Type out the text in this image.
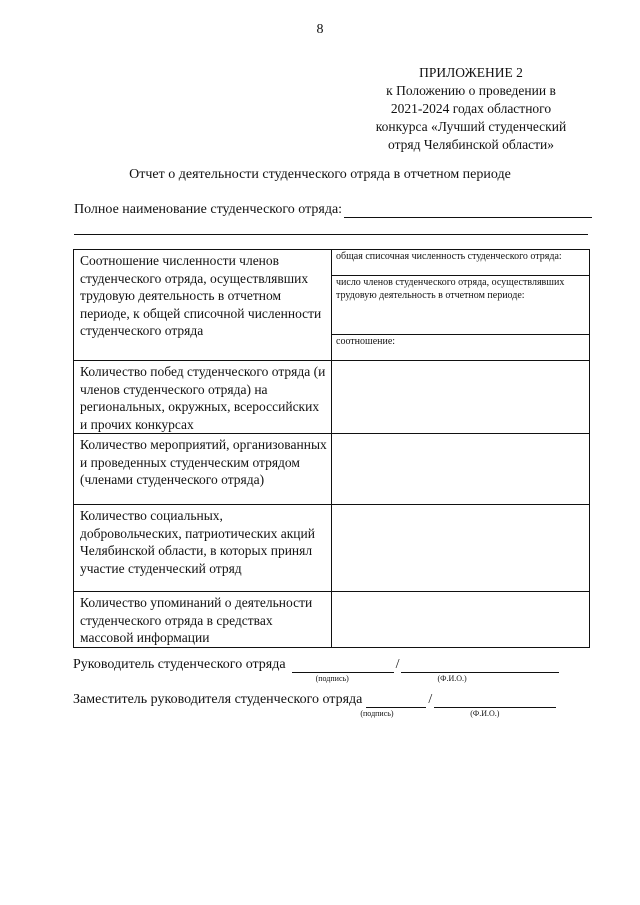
8
ПРИЛОЖЕНИЕ 2
к Положению о проведении в
2021-2024 годах областного
конкурса «Лучший студенческий
отряд Челябинской области»
Отчет о деятельности студенческого отряда в отчетном периоде
Полное наименование студенческого отряда:
Соотношение численности членов студенческого отряда, осуществлявших трудовую деятельность в отчетном периоде, к общей списочной численности студенческого отряда	общая списочная численность студенческого отряда:
число членов студенческого отряда, осуществлявших трудовую деятельность в отчетном периоде:
соотношение:

Количество побед студенческого отряда (и членов студенческого отряда) на региональных, окружных, всероссийских и прочих конкурсах	
Количество мероприятий, организованных и проведенных студенческим отрядом (членами студенческого отряда)	
Количество социальных, добровольческих, патриотических акций Челябинской области, в которых принял участие студенческий отряд	
Количество упоминаний о деятельности студенческого отряда в средствах массовой информации	
Руководитель студенческого отряда
(подпись)
/
(Ф.И.О.)
Заместитель руководителя студенческого отряда
(подпись)
/
(Ф.И.О.)
